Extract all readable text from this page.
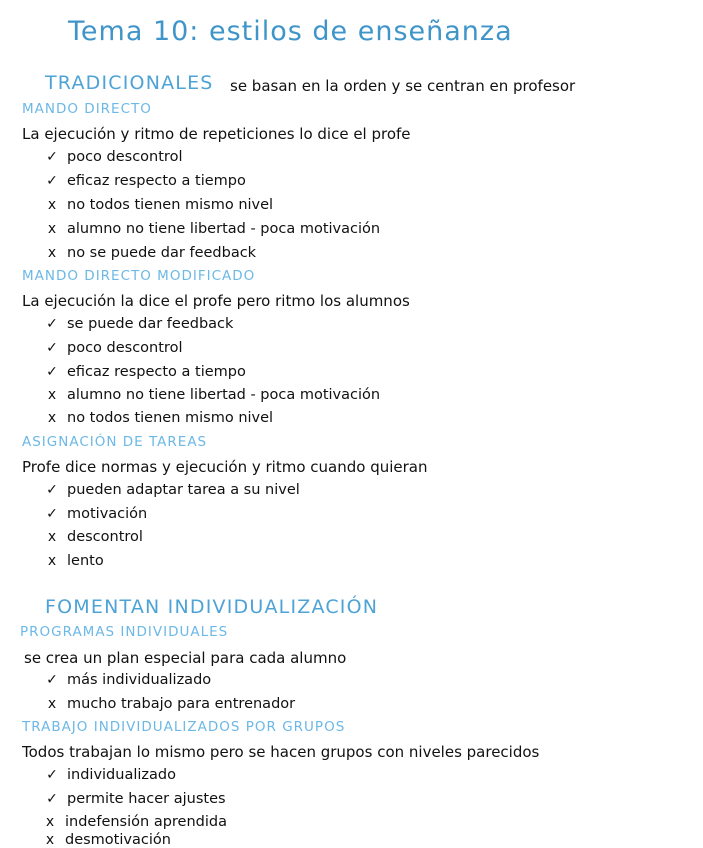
Tema 10: estilos de enseñanza
TRADICIONALES se basan en la orden y se centran en profesor
MANDO DIRECTO
La ejecución y ritmo de repeticiones lo dice el profe
✓ poco descontrol
✓ eficaz respecto a tiempo
x no todos tienen mismo nivel
x alumno no tiene libertad - poca motivación
x no se puede dar feedback
MANDO DIRECTO MODIFICADO
La ejecución la dice el profe pero ritmo los alumnos
✓ se puede dar feedback
✓ poco descontrol
✓ eficaz respecto a tiempo
x alumno no tiene libertad - poca motivación
x no todos tienen mismo nivel
ASIGNACIÓN DE TAREAS
Profe dice normas y ejecución y ritmo cuando quieran
✓ pueden adaptar tarea a su nivel
✓ motivación
x descontrol
x lento
FOMENTAN INDIVIDUALIZACIÓN
PROGRAMAS INDIVIDUALES
se crea un plan especial para cada alumno
✓ más individualizado
x mucho trabajo para entrenador
TRABAJO INDIVIDUALIZADOS POR GRUPOS
Todos trabajan lo mismo pero se hacen grupos con niveles parecidos
✓ individualizado
✓ permite hacer ajustes
x indefensión aprendida
x desmotivación
